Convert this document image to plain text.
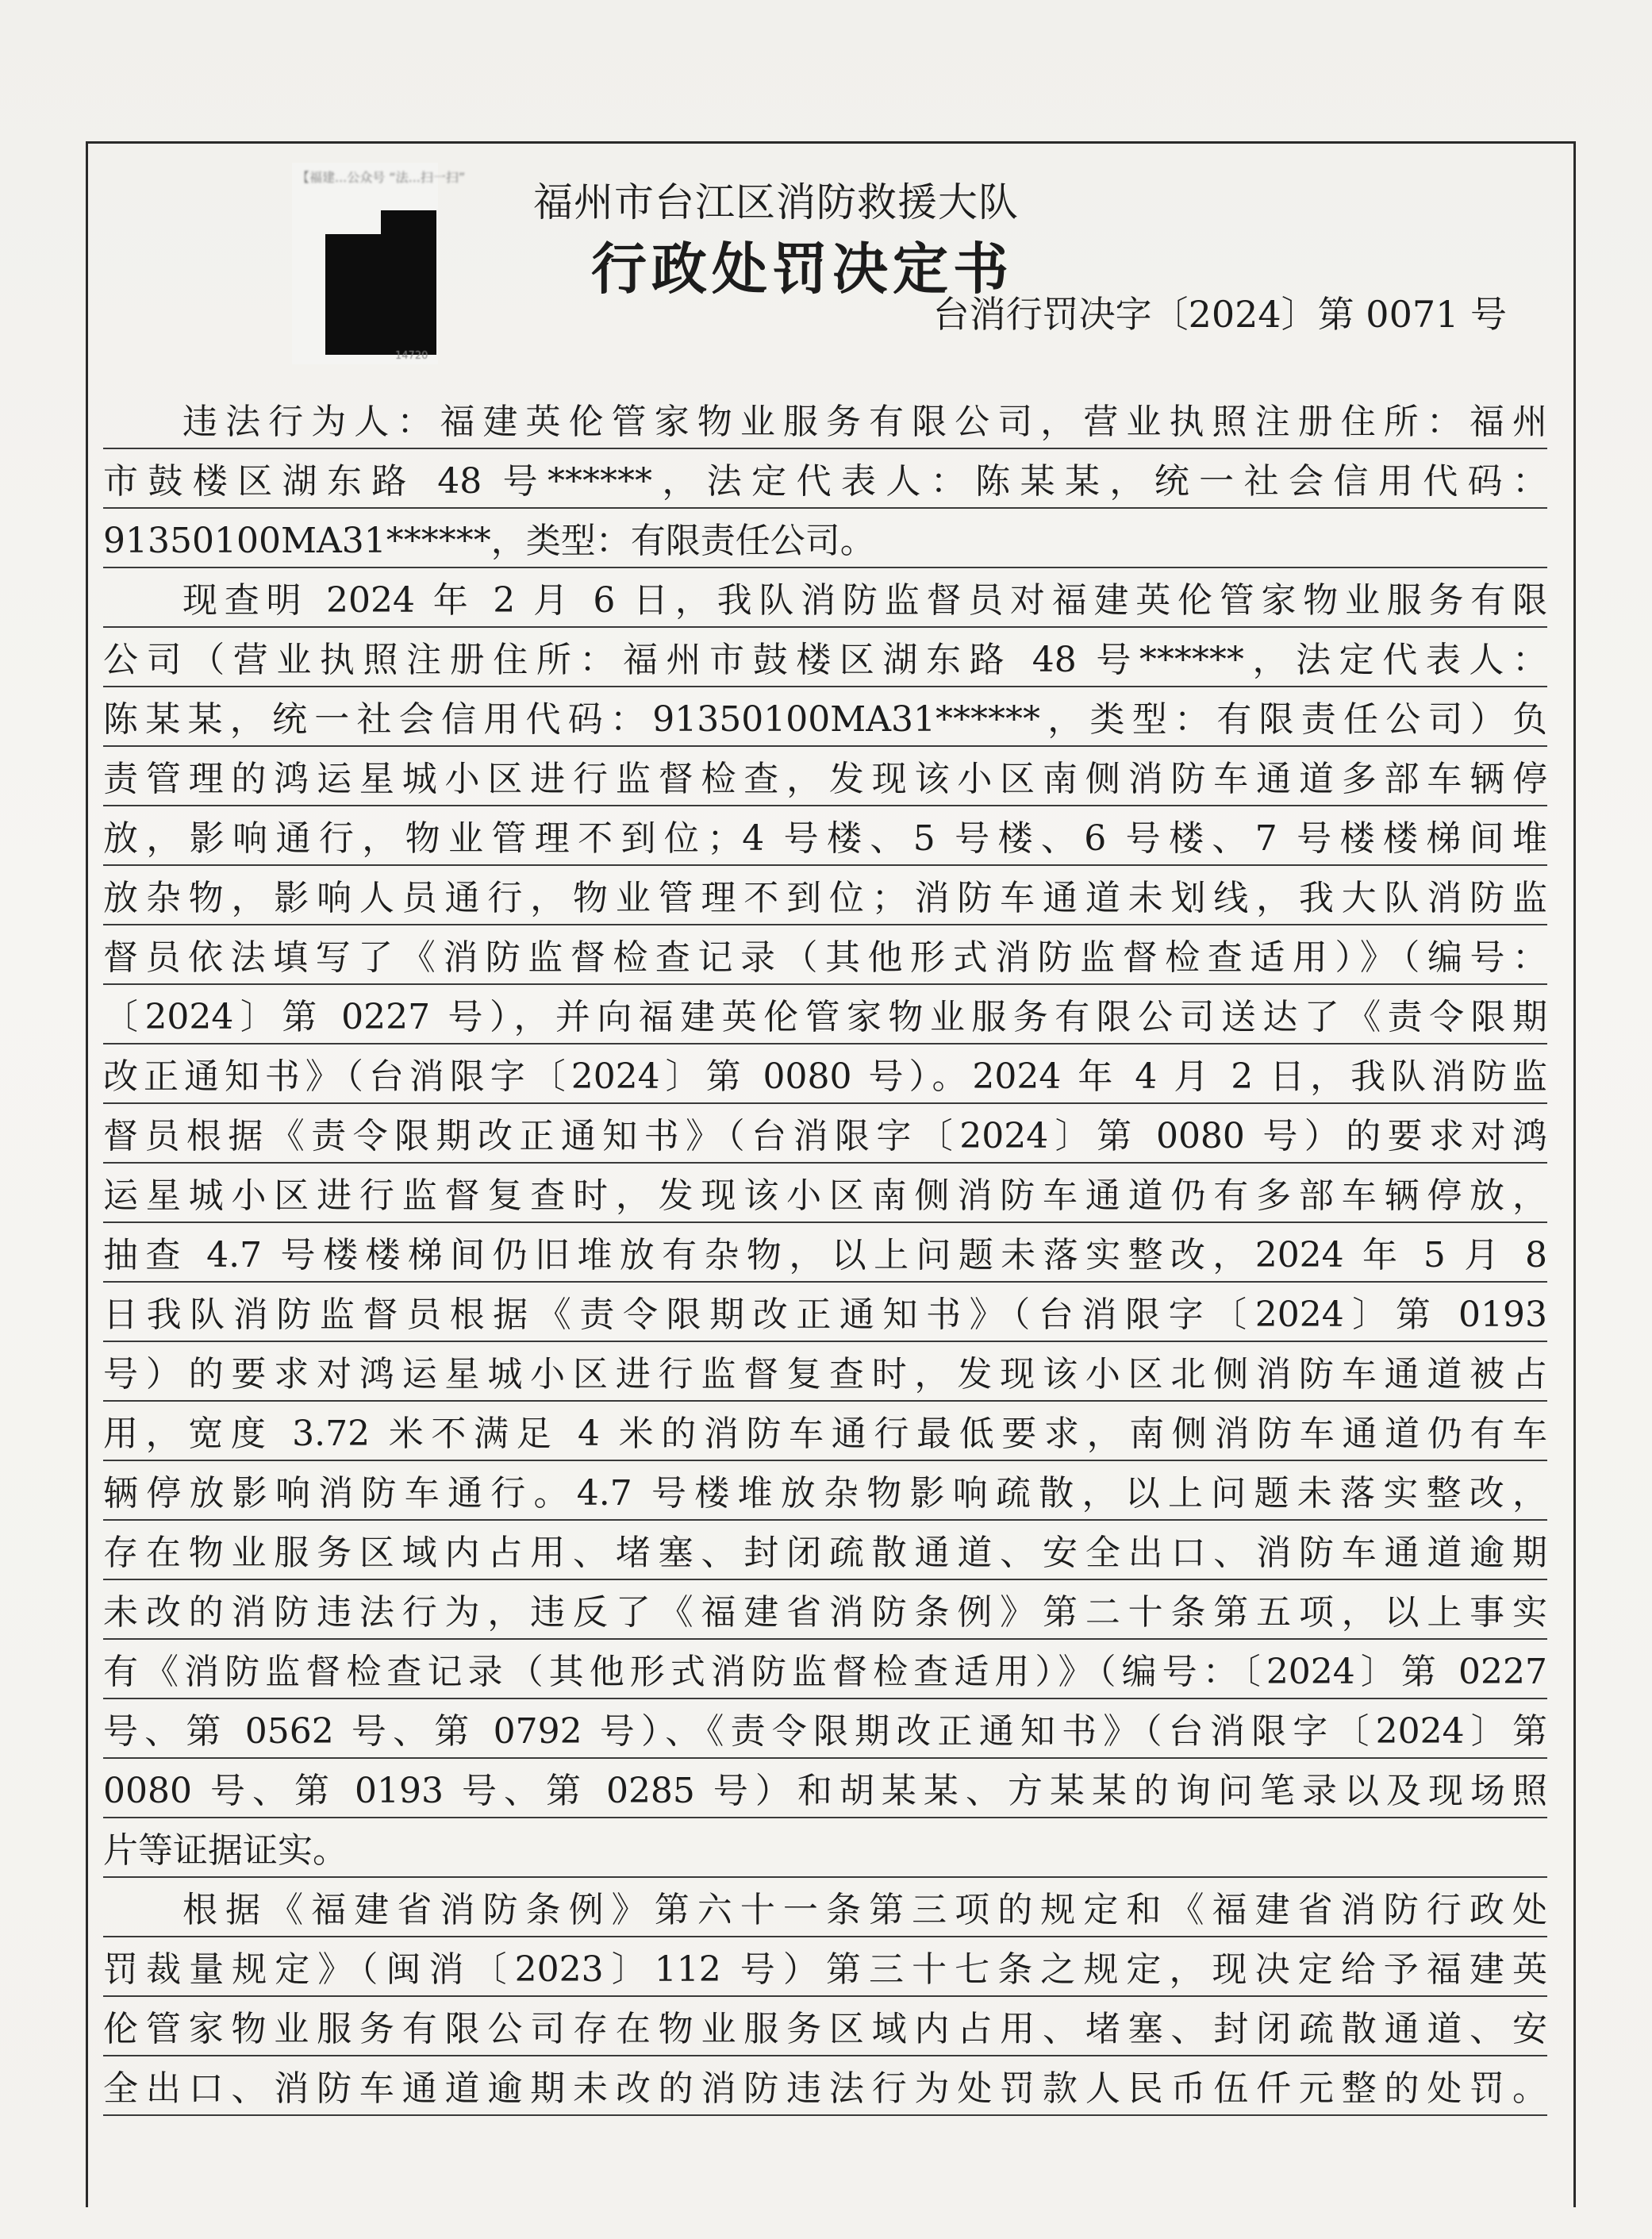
【福建...公众号 “法...扫一扫”
14720
福州市台江区消防救援大队
行政处罚决定书
台消行罚决字〔2024〕第 0071 号
违法行为人：福建英伦管家物业服务有限公司，营业执照注册住所：福州
市鼓楼区湖东路 48 号******，法定代表人：陈某某，统一社会信用代码：
91350100MA31******，类型：有限责任公司。
现查明 2024 年 2 月 6 日，我队消防监督员对福建英伦管家物业服务有限
公司（营业执照注册住所：福州市鼓楼区湖东路 48 号******，法定代表人：
陈某某，统一社会信用代码：91350100MA31******，类型：有限责任公司）负
责管理的鸿运星城小区进行监督检查，发现该小区南侧消防车通道多部车辆停
放，影响通行，物业管理不到位；4 号楼、5 号楼、6 号楼、7 号楼楼梯间堆
放杂物，影响人员通行，物业管理不到位；消防车通道未划线，我大队消防监
督员依法填写了《消防监督检查记录（其他形式消防监督检查适用）》（编号：
〔2024〕第 0227 号），并向福建英伦管家物业服务有限公司送达了《责令限期
改正通知书》（台消限字〔2024〕第 0080 号）。2024 年 4 月 2 日，我队消防监
督员根据《责令限期改正通知书》（台消限字〔2024〕第 0080 号）的要求对鸿
运星城小区进行监督复查时，发现该小区南侧消防车通道仍有多部车辆停放，
抽查 4.7 号楼楼梯间仍旧堆放有杂物，以上问题未落实整改，2024 年 5 月 8
日我队消防监督员根据《责令限期改正通知书》（台消限字〔2024〕第 0193
号）的要求对鸿运星城小区进行监督复查时，发现该小区北侧消防车通道被占
用，宽度 3.72 米不满足 4 米的消防车通行最低要求，南侧消防车通道仍有车
辆停放影响消防车通行。4.7 号楼堆放杂物影响疏散，以上问题未落实整改，
存在物业服务区域内占用、堵塞、封闭疏散通道、安全出口、消防车通道逾期
未改的消防违法行为，违反了《福建省消防条例》第二十条第五项，以上事实
有《消防监督检查记录（其他形式消防监督检查适用）》（编号：〔2024〕第 0227
号、第 0562 号、第 0792 号）、《责令限期改正通知书》（台消限字〔2024〕第
0080 号、第 0193 号、第 0285 号）和胡某某、方某某的询问笔录以及现场照
片等证据证实。
根据《福建省消防条例》第六十一条第三项的规定和《福建省消防行政处
罚裁量规定》（闽消〔2023〕112 号）第三十七条之规定，现决定给予福建英
伦管家物业服务有限公司存在物业服务区域内占用、堵塞、封闭疏散通道、安
全出口、消防车通道逾期未改的消防违法行为处罚款人民币伍仟元整的处罚。
